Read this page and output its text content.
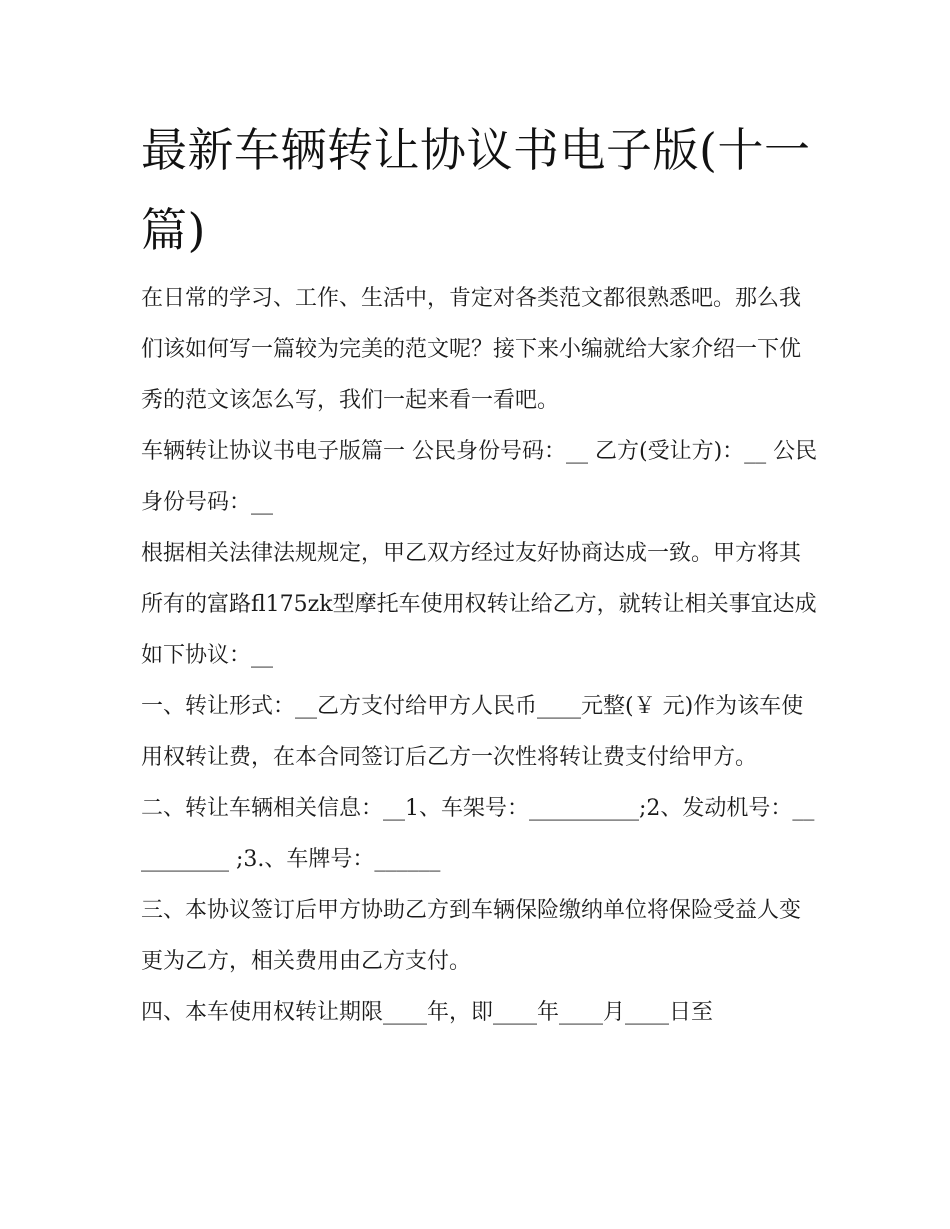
最新车辆转让协议书电子版(十一篇)

在日常的学习、工作、生活中，肯定对各类范文都很熟悉吧。那么我们该如何写一篇较为完美的范文呢？接下来小编就给大家介绍一下优秀的范文该怎么写，我们一起来看一看吧。

车辆转让协议书电子版篇一 公民身份号码：__ 乙方(受让方)：__ 公民身份号码：__

根据相关法律法规规定，甲乙双方经过友好协商达成一致。甲方将其所有的富路fl175zk型摩托车使用权转让给乙方，就转让相关事宜达成如下协议：__

一、转让形式：__乙方支付给甲方人民币____元整(￥ 元)作为该车使用权转让费，在本合同签订后乙方一次性将转让费支付给甲方。

二、转让车辆相关信息：__1、车架号：__________;2、发动机号：__________ ;3.、车牌号：______

三、本协议签订后甲方协助乙方到车辆保险缴纳单位将保险受益人变更为乙方，相关费用由乙方支付。

四、本车使用权转让期限____年，即____年____月____日至
